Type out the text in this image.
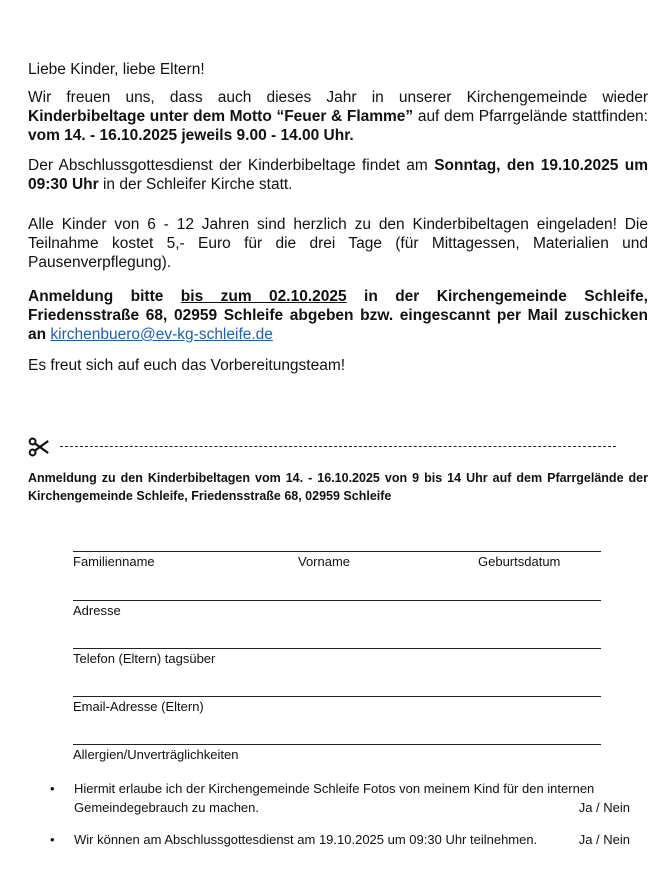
Liebe Kinder, liebe Eltern!

Wir freuen uns, dass auch dieses Jahr in unserer Kirchengemeinde wieder Kinderbibeltage unter dem Motto “Feuer & Flamme” auf dem Pfarrgelände stattfinden: vom 14. - 16.10.2025 jeweils 9.00 - 14.00 Uhr.

Der Abschlussgottesdienst der Kinderbibeltage findet am Sonntag, den 19.10.2025 um 09:30 Uhr in der Schleifer Kirche statt.

Alle Kinder von 6 - 12 Jahren sind herzlich zu den Kinderbibeltagen eingeladen! Die Teilnahme kostet 5,- Euro für die drei Tage (für Mittagessen, Materialien und Pausenverpflegung).

Anmeldung bitte bis zum 02.10.2025 in der Kirchengemeinde Schleife, Friedensstraße 68, 02959 Schleife abgeben bzw. eingescannt per Mail zuschicken an kirchenbuero@ev-kg-schleife.de

Es freut sich auf euch das Vorbereitungsteam!

Anmeldung zu den Kinderbibeltagen vom 14. - 16.10.2025 von 9 bis 14 Uhr auf dem Pfarrgelände der Kirchengemeinde Schleife, Friedensstraße 68, 02959 Schleife
Familienname	Vorname	Geburtsdatum
Adresse
Telefon (Eltern) tagsüber
Email-Adresse (Eltern)
Allergien/Unverträglichkeiten
• Hiermit erlaube ich der Kirchengemeinde Schleife Fotos von meinem Kind für den internen
Gemeindegebrauch zu machen.	Ja / Nein
• Wir können am Abschlussgottesdienst am 19.10.2025 um 09:30 Uhr teilnehmen.	Ja / Nein
